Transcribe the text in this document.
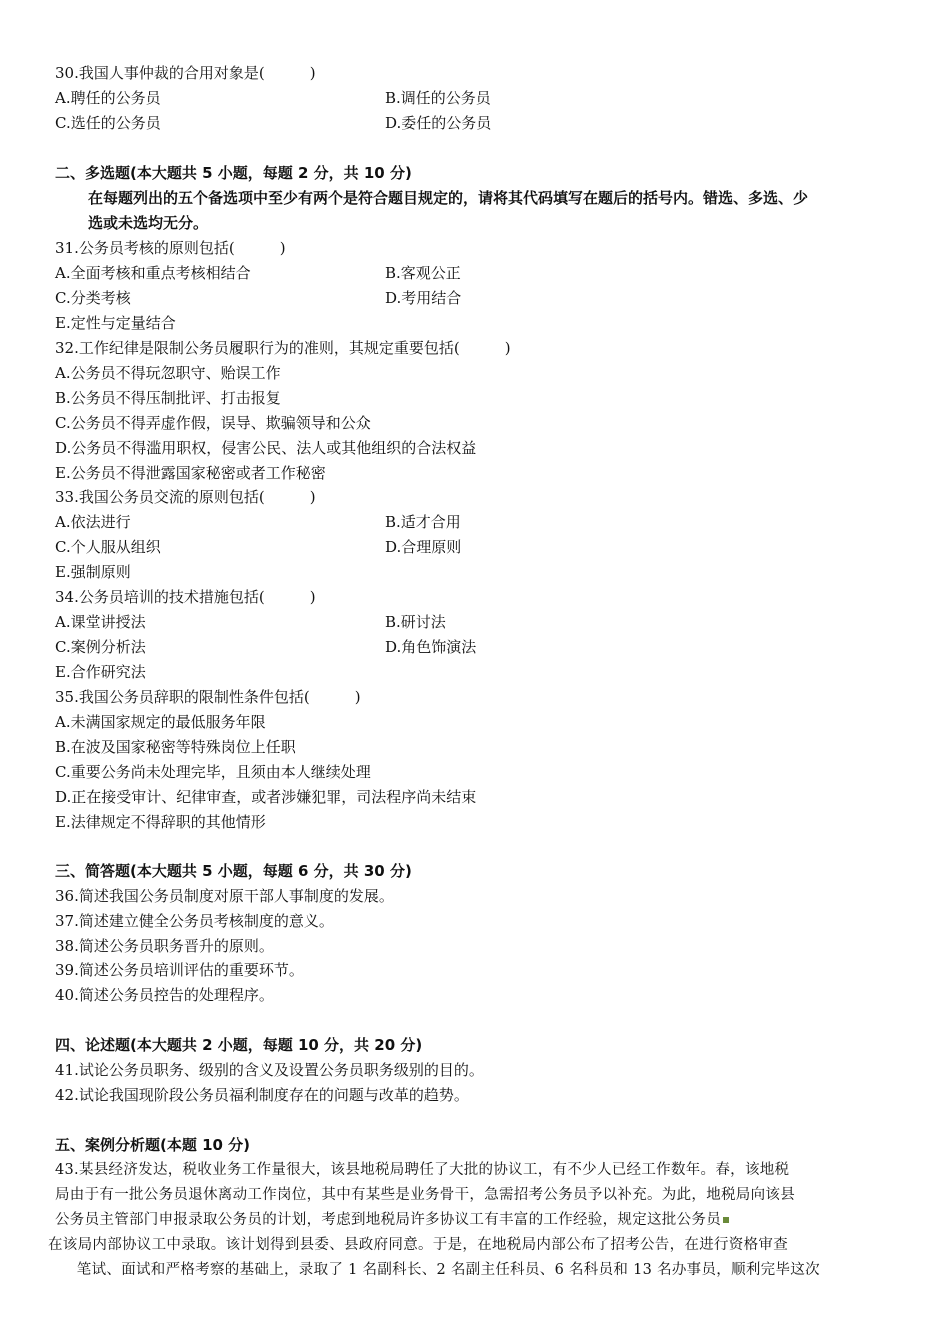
30.我国人事仲裁的合用对象是(　　　)
A.聘任的公务员	B.调任的公务员
C.选任的公务员	D.委任的公务员
二、多选题(本大题共 5 小题，每题 2 分，共 10 分)
在每题列出的五个备选项中至少有两个是符合题目规定的，请将其代码填写在题后的括号内。错选、多选、少
选或未选均无分。
31.公务员考核的原则包括(　　　)
A.全面考核和重点考核相结合	B.客观公正
C.分类考核	D.考用结合
E.定性与定量结合
32.工作纪律是限制公务员履职行为的准则，其规定重要包括(　　　)
A.公务员不得玩忽职守、贻误工作
B.公务员不得压制批评、打击报复
C.公务员不得弄虚作假，误导、欺骗领导和公众
D.公务员不得滥用职权，侵害公民、法人或其他组织的合法权益
E.公务员不得泄露国家秘密或者工作秘密
33.我国公务员交流的原则包括(　　　)
A.依法进行	B.适才合用
C.个人服从组织	D.合理原则
E.强制原则
34.公务员培训的技术措施包括(　　　)
A.课堂讲授法	B.研讨法
C.案例分析法	D.角色饰演法
E.合作研究法
35.我国公务员辞职的限制性条件包括(　　　)
A.未满国家规定的最低服务年限
B.在波及国家秘密等特殊岗位上任职
C.重要公务尚未处理完毕，且须由本人继续处理
D.正在接受审计、纪律审查，或者涉嫌犯罪，司法程序尚未结束
E.法律规定不得辞职的其他情形
三、简答题(本大题共 5 小题，每题 6 分，共 30 分)
36.简述我国公务员制度对原干部人事制度的发展。
37.简述建立健全公务员考核制度的意义。
38.简述公务员职务晋升的原则。
39.简述公务员培训评估的重要环节。
40.简述公务员控告的处理程序。
四、论述题(本大题共 2 小题，每题 10 分，共 20 分)
41.试论公务员职务、级别的含义及设置公务员职务级别的目的。
42.试论我国现阶段公务员福利制度存在的问题与改革的趋势。
五、案例分析题(本题 10 分)
43.某县经济发达，税收业务工作量很大，该县地税局聘任了大批的协议工，有不少人已经工作数年。春，该地税
局由于有一批公务员退休离动工作岗位，其中有某些是业务骨干，急需招考公务员予以补充。为此，地税局向该县
公务员主管部门申报录取公务员的计划，考虑到地税局许多协议工有丰富的工作经验，规定这批公务员
在该局内部协议工中录取。该计划得到县委、县政府同意。于是，在地税局内部公布了招考公告，在进行资格审查
　笔试、面试和严格考察的基础上，录取了 1 名副科长、2 名副主任科员、6 名科员和 13 名办事员，顺利完毕这次
